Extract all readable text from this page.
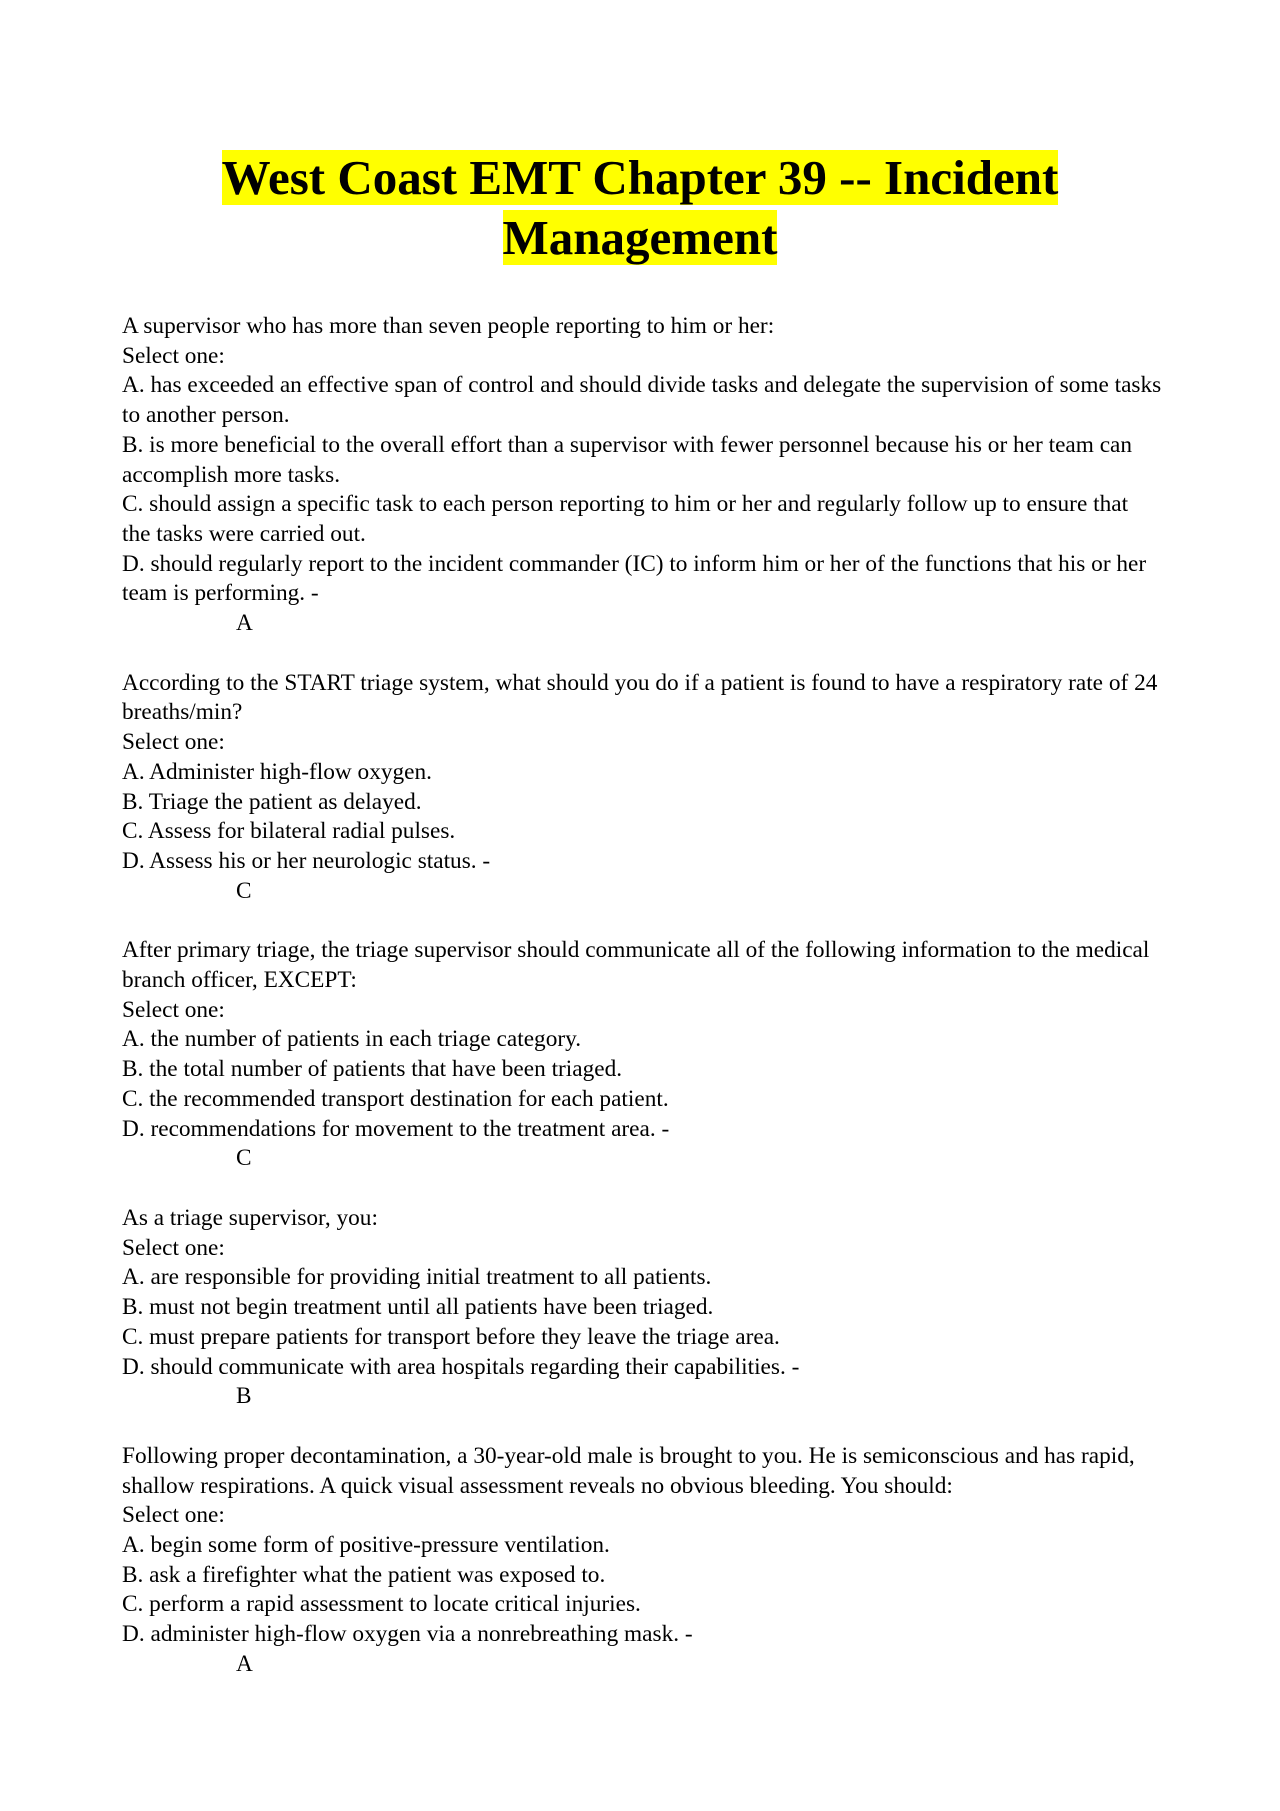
West Coast EMT Chapter 39 -- Incident
Management

A supervisor who has more than seven people reporting to him or her:

Select one:

A. has exceeded an effective span of control and should divide tasks and delegate the supervision of some tasks to another person.

B. is more beneficial to the overall effort than a supervisor with fewer personnel because his or her team can accomplish more tasks.

C. should assign a specific task to each person reporting to him or her and regularly follow up to ensure that the tasks were carried out.

D. should regularly report to the incident commander (IC) to inform him or her of the functions that his or her team is performing. -

A

According to the START triage system, what should you do if a patient is found to have a respiratory rate of 24 breaths/min?

Select one:

A. Administer high-flow oxygen.

B. Triage the patient as delayed.

C. Assess for bilateral radial pulses.

D. Assess his or her neurologic status. -

C

After primary triage, the triage supervisor should communicate all of the following information to the medical branch officer, EXCEPT:

Select one:

A. the number of patients in each triage category.

B. the total number of patients that have been triaged.

C. the recommended transport destination for each patient.

D. recommendations for movement to the treatment area. -

C

As a triage supervisor, you:

Select one:

A. are responsible for providing initial treatment to all patients.

B. must not begin treatment until all patients have been triaged.

C. must prepare patients for transport before they leave the triage area.

D. should communicate with area hospitals regarding their capabilities. -

B

Following proper decontamination, a 30-year-old male is brought to you. He is semiconscious and has rapid, shallow respirations. A quick visual assessment reveals no obvious bleeding. You should:

Select one:

A. begin some form of positive-pressure ventilation.

B. ask a firefighter what the patient was exposed to.

C. perform a rapid assessment to locate critical injuries.

D. administer high-flow oxygen via a nonrebreathing mask. -

A
